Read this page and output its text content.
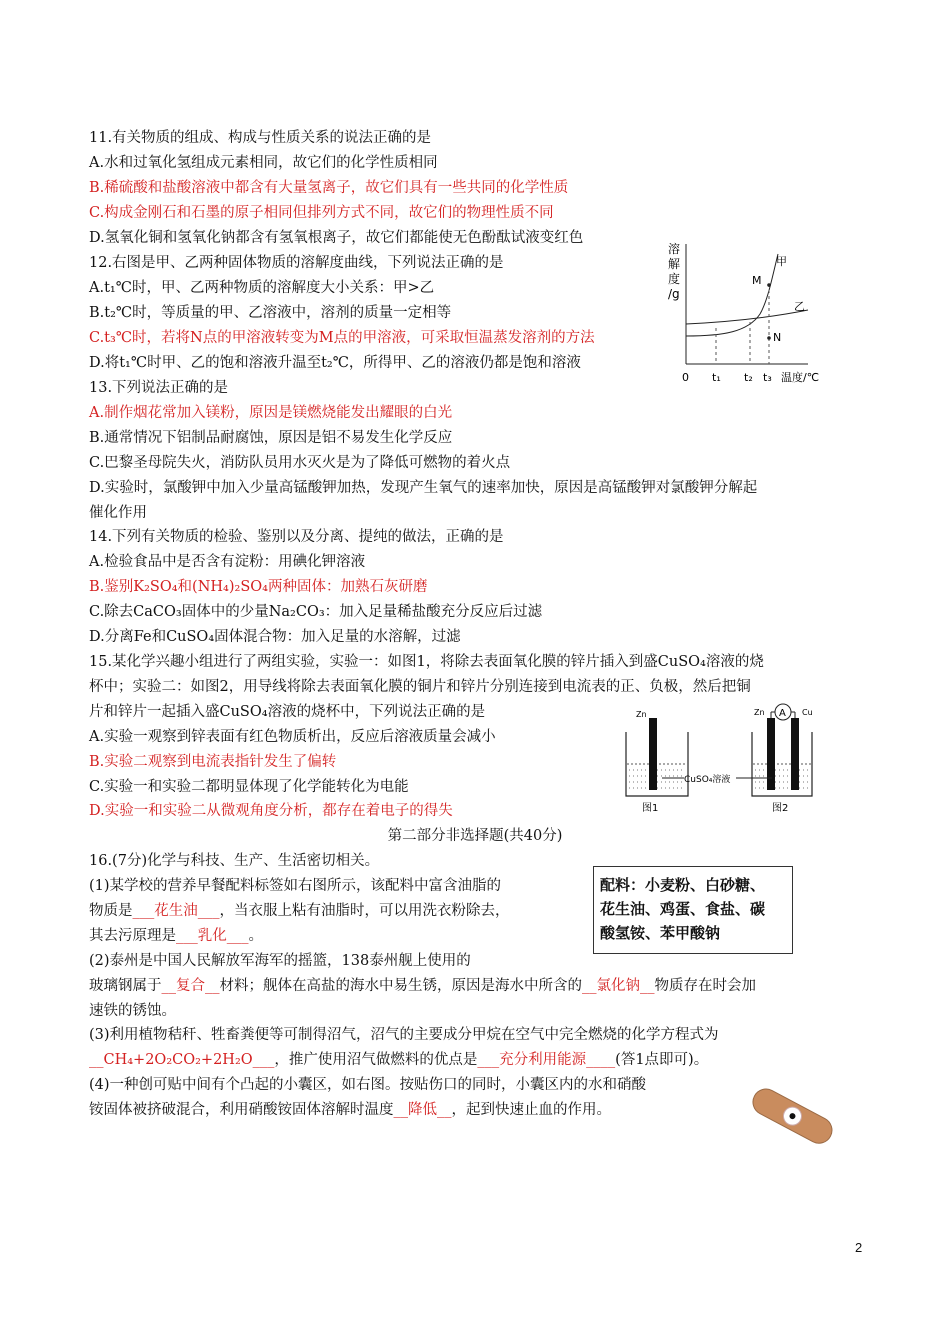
11.有关物质的组成、构成与性质关系的说法正确的是
A.水和过氧化氢组成元素相同，故它们的化学性质相同
B.稀硫酸和盐酸溶液中都含有大量氢离子，故它们具有一些共同的化学性质
C.构成金刚石和石墨的原子相同但排列方式不同，故它们的物理性质不同
D.氢氧化铜和氢氧化钠都含有氢氧根离子，故它们都能使无色酚酞试液变红色
12.右图是甲、乙两种固体物质的溶解度曲线，下列说法正确的是
A.t₁℃时，甲、乙两种物质的溶解度大小关系：甲>乙
B.t₂℃时，等质量的甲、乙溶液中，溶剂的质量一定相等
C.t₃℃时，若将N点的甲溶液转变为M点的甲溶液，可采取恒温蒸发溶剂的方法
D.将t₁℃时甲、乙的饱和溶液升温至t₂℃，所得甲、乙的溶液仍都是饱和溶液
溶
解
度
/g
M
N
甲
乙
0 t₁ t₂ t₃ 温度/℃
13.下列说法正确的是
A.制作烟花常加入镁粉，原因是镁燃烧能发出耀眼的白光
B.通常情况下铝制品耐腐蚀，原因是铝不易发生化学反应
C.巴黎圣母院失火，消防队员用水灭火是为了降低可燃物的着火点
D.实验时，氯酸钾中加入少量高锰酸钾加热，发现产生氧气的速率加快，原因是高锰酸钾对氯酸钾分解起
催化作用
14.下列有关物质的检验、鉴别以及分离、提纯的做法，正确的是
A.检验食品中是否含有淀粉：用碘化钾溶液
B.鉴别K₂SO₄和(NH₄)₂SO₄两种固体：加熟石灰研磨
C.除去CaCO₃固体中的少量Na₂CO₃：加入足量稀盐酸充分反应后过滤
D.分离Fe和CuSO₄固体混合物：加入足量的水溶解，过滤
15.某化学兴趣小组进行了两组实验，实验一：如图1，将除去表面氧化膜的锌片插入到盛CuSO₄溶液的烧
杯中；实验二：如图2，用导线将除去表面氧化膜的铜片和锌片分别连接到电流表的正、负极，然后把铜
片和锌片一起插入盛CuSO₄溶液的烧杯中，下列说法正确的是
A.实验一观察到锌表面有红色物质析出，反应后溶液质量会减小
B.实验二观察到电流表指针发生了偏转
C.实验一和实验二都明显体现了化学能转化为电能
D.实验一和实验二从微观角度分析，都存在着电子的得失
Zn	A
Zn	Cu
CuSO₄溶液
图1	图2
第二部分非选择题(共40分)
16.(7分)化学与科技、生产、生活密切相关。
(1)某学校的营养早餐配料标签如右图所示，该配料中富含油脂的
物质是___花生油___，当衣服上粘有油脂时，可以用洗衣粉除去，
其去污原理是___乳化___。
(2)泰州是中国人民解放军海军的摇篮，138泰州舰上使用的
玻璃钢属于__复合__材料；舰体在高盐的海水中易生锈，原因是海水中所含的__氯化钠__物质存在时会加
速铁的锈蚀。
(3)利用植物秸秆、牲畜粪便等可制得沼气，沼气的主要成分甲烷在空气中完全燃烧的化学方程式为
__CH₄+2O₂CO₂+2H₂O___，推广使用沼气做燃料的优点是___充分利用能源____(答1点即可)。
(4)一种创可贴中间有个凸起的小囊区，如右图。按贴伤口的同时，小囊区内的水和硝酸
铵固体被挤破混合，利用硝酸铵固体溶解时温度__降低__，起到快速止血的作用。
配料：小麦粉、白砂糖、
花生油、鸡蛋、食盐、碳
酸氢铵、苯甲酸钠
2
